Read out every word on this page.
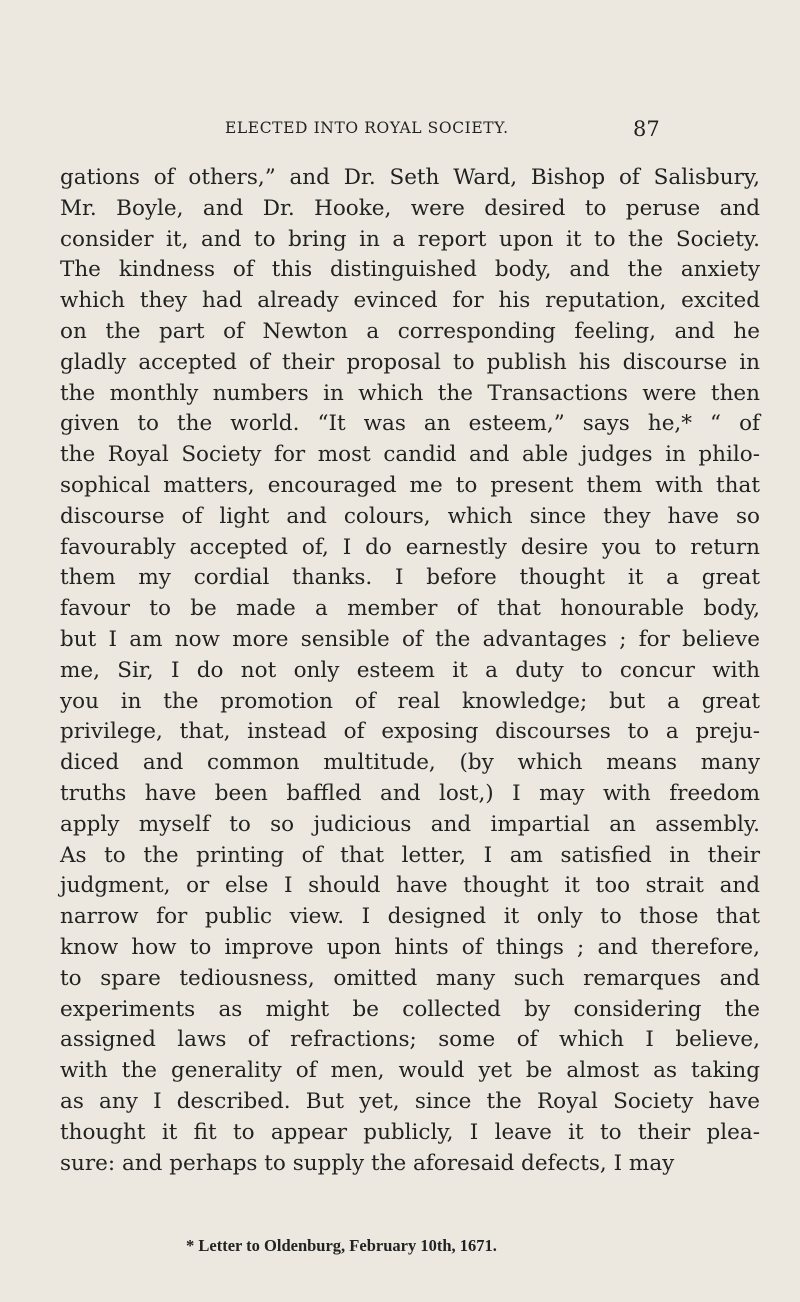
ELECTED INTO ROYAL SOCIETY.	87
gations of others,” and Dr. Seth Ward, Bishop of Salisbury,
Mr. Boyle, and Dr. Hooke, were desired to peruse and
consider it, and to bring in a report upon it to the Society.
The kindness of this distinguished body, and the anxiety
which they had already evinced for his reputation, excited
on the part of Newton a corresponding feeling, and he
gladly accepted of their proposal to publish his discourse in
the monthly numbers in which the Transactions were then
given to the world. “It was an esteem,” says he,* “ of
the Royal Society for most candid and able judges in philo-
sophical matters, encouraged me to present them with that
discourse of light and colours, which since they have so
favourably accepted of, I do earnestly desire you to return
them my cordial thanks. I before thought it a great
favour to be made a member of that honourable body,
but I am now more sensible of the advantages ; for believe
me, Sir, I do not only esteem it a duty to concur with
you in the promotion of real knowledge; but a great
privilege, that, instead of exposing discourses to a preju-
diced and common multitude, (by which means many
truths have been baffled and lost,) I may with freedom
apply myself to so judicious and impartial an assembly.
As to the printing of that letter, I am satisfied in their
judgment, or else I should have thought it too strait and
narrow for public view. I designed it only to those that
know how to improve upon hints of things ; and therefore,
to spare tediousness, omitted many such remarques and
experiments as might be collected by considering the
assigned laws of refractions; some of which I believe,
with the generality of men, would yet be almost as taking
as any I described. But yet, since the Royal Society have
thought it fit to appear publicly, I leave it to their plea-
sure: and perhaps to supply the aforesaid defects, I may
* Letter to Oldenburg, February 10th, 1671.
